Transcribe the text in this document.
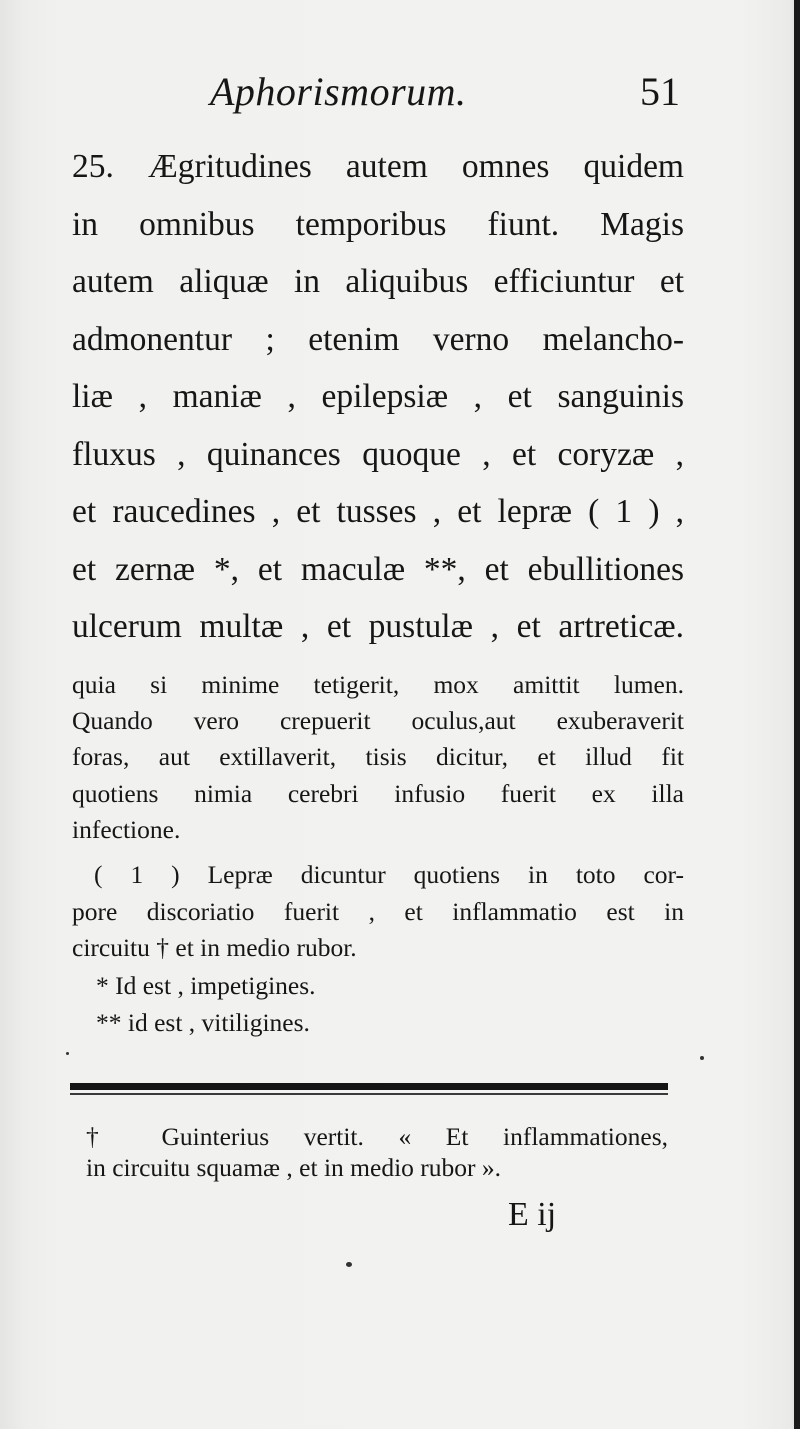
Aphorismorum.	51
25. Ægritudines autem omnes quidem
in omnibus temporibus fiunt. Magis
autem aliquæ in aliquibus efficiuntur et
admonentur ; etenim verno melancho-
liæ , maniæ , epilepsiæ , et sanguinis
fluxus , quinances quoque , et coryzæ ,
et raucedines , et tusses , et lepræ ( 1 ) ,
et zernæ *, et maculæ **, et ebullitiones
ulcerum multæ , et pustulæ , et artreticæ.
quia si minime tetigerit, mox amittit lumen.
Quando vero crepuerit oculus,aut exuberaverit
foras, aut extillaverit, tisis dicitur, et illud fit
quotiens nimia cerebri infusio fuerit ex illa
infectione.
( 1 ) Lepræ dicuntur quotiens in toto cor-
pore discoriatio fuerit , et inflammatio est in
circuitu † et in medio rubor.
* Id est , impetigines.
** id est , vitiligines.
† Guinterius vertit. « Et inflammationes,
in circuitu squamæ , et in medio rubor ».
E ij
